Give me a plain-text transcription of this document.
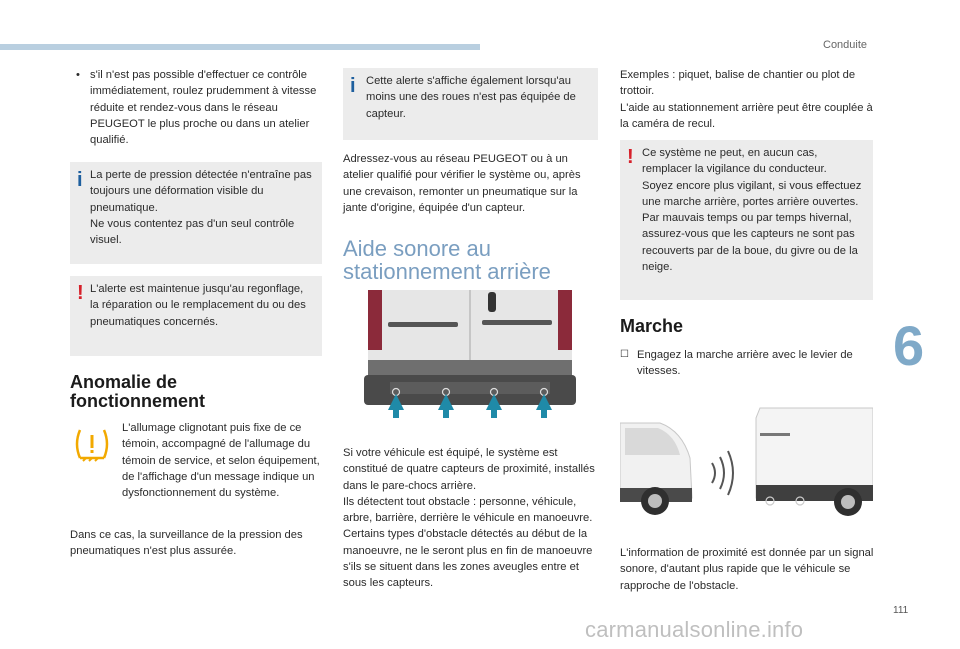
Conduite
6
111
• s'il n'est pas possible d'effectuer ce contrôle immédiatement, roulez prudemment à vitesse réduite et rendez-vous dans le réseau PEUGEOT le plus proche ou dans un atelier qualifié.
i La perte de pression détectée n'entraîne pas toujours une déformation visible du pneumatique.
Ne vous contentez pas d'un seul contrôle visuel.
! L'alerte est maintenue jusqu'au regonflage, la réparation ou le remplacement du ou des pneumatiques concernés.
Anomalie de
fonctionnement
L'allumage clignotant puis fixe de ce témoin, accompagné de l'allumage du témoin de service, et selon équipement, de l'affichage d'un message indique un dysfonctionnement du système.
Dans ce cas, la surveillance de la pression des pneumatiques n'est plus assurée.
i Cette alerte s'affiche également lorsqu'au moins une des roues n'est pas équipée de capteur.
Adressez-vous au réseau PEUGEOT ou à un atelier qualifié pour vérifier le système ou, après une crevaison, remonter un pneumatique sur la jante d'origine, équipée d'un capteur.
Aide sonore au
stationnement arrière
Si votre véhicule est équipé, le système est constitué de quatre capteurs de proximité, installés dans le pare-chocs arrière.
Ils détectent tout obstacle : personne, véhicule, arbre, barrière, derrière le véhicule en manoeuvre.
Certains types d'obstacle détectés au début de la manoeuvre, ne le seront plus en fin de manoeuvre s'ils se situent dans les zones aveugles entre et sous les capteurs.
Exemples : piquet, balise de chantier ou plot de trottoir.
L'aide au stationnement arrière peut être couplée à la caméra de recul.
! Ce système ne peut, en aucun cas, remplacer la vigilance du conducteur.
Soyez encore plus vigilant, si vous effectuez une marche arrière, portes arrière ouvertes.
Par mauvais temps ou par temps hivernal, assurez-vous que les capteurs ne sont pas recouverts par de la boue, du givre ou de la neige.
Marche
☐ Engagez la marche arrière avec le levier de vitesses.
L'information de proximité est donnée par un signal sonore, d'autant plus rapide que le véhicule se rapproche de l'obstacle.
carmanualsonline.info
